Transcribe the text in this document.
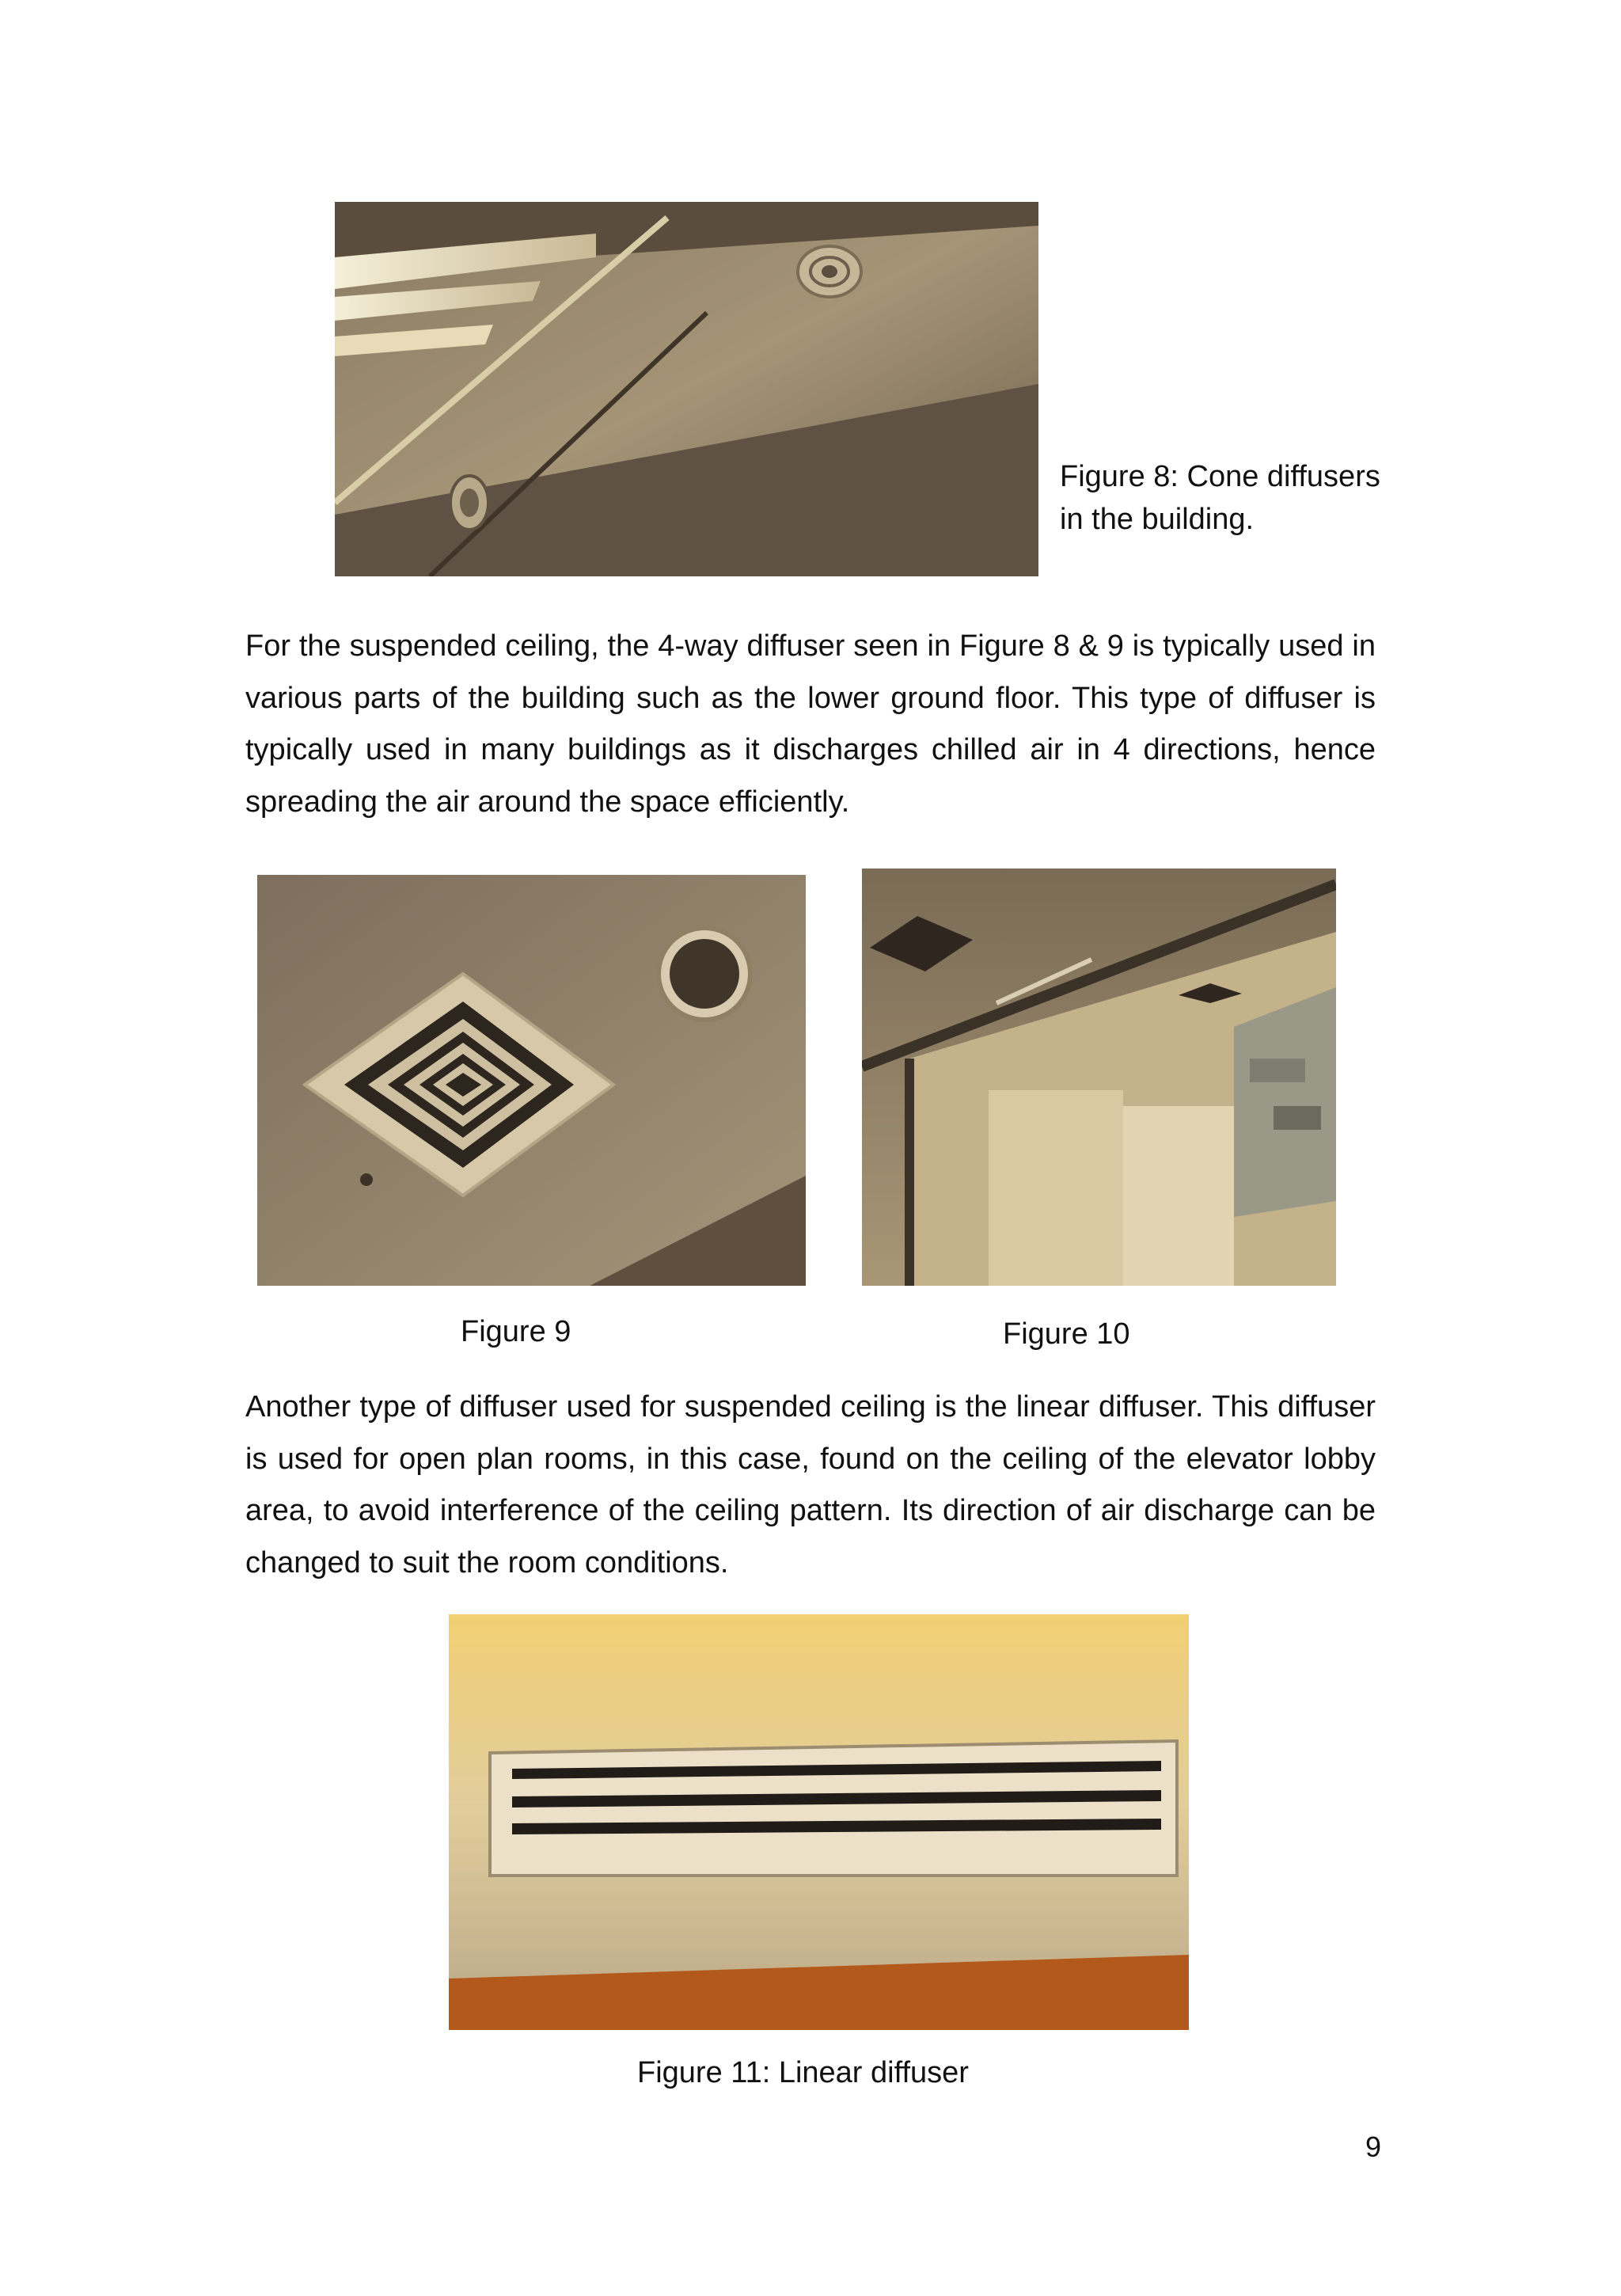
Figure 8: Cone diffusers
in the building.

For the suspended ceiling, the 4-way diffuser seen in Figure 8 & 9 is typically used in various parts of the building such as the lower ground floor. This type of diffuser is typically used in many buildings as it discharges chilled air in 4 directions, hence spreading the air around the space efficiently.

Figure 9	Figure 10

Another type of diffuser used for suspended ceiling is the linear diffuser. This diffuser is used for open plan rooms, in this case, found on the ceiling of the elevator lobby area, to avoid interference of the ceiling pattern. Its direction of air discharge can be changed to suit the room conditions.

Figure 11: Linear diffuser
9
